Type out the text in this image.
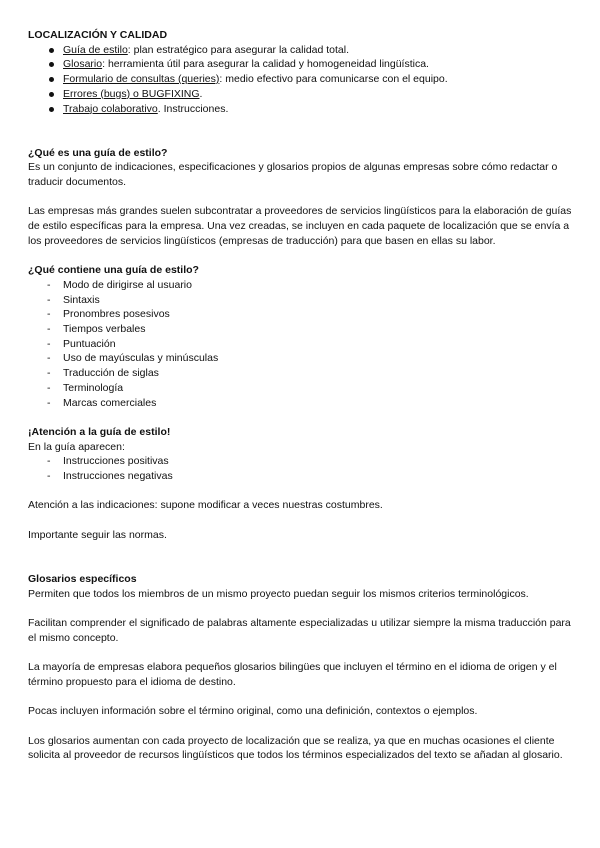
LOCALIZACIÓN Y CALIDAD

Guía de estilo: plan estratégico para asegurar la calidad total.
Glosario: herramienta útil para asegurar la calidad y homogeneidad lingüística.
Formulario de consultas (queries): medio efectivo para comunicarse con el equipo.
Errores (bugs) o BUGFIXING.
Trabajo colaborativo. Instrucciones.

¿Qué es una guía de estilo?

Es un conjunto de indicaciones, especificaciones y glosarios propios de algunas empresas sobre cómo redactar o traducir documentos.

Las empresas más grandes suelen subcontratar a proveedores de servicios lingüísticos para la elaboración de guías de estilo específicas para la empresa. Una vez creadas, se incluyen en cada paquete de localización que se envía a los proveedores de servicios lingüísticos (empresas de traducción) para que basen en ellas su labor.

¿Qué contiene una guía de estilo?

- Modo de dirigirse al usuario
- Sintaxis
- Pronombres posesivos
- Tiempos verbales
- Puntuación
- Uso de mayúsculas y minúsculas
- Traducción de siglas
- Terminología
- Marcas comerciales

¡Atención a la guía de estilo!

En la guía aparecen:

- Instrucciones positivas
- Instrucciones negativas

Atención a las indicaciones: supone modificar a veces nuestras costumbres.

Importante seguir las normas.

Glosarios específicos

Permiten que todos los miembros de un mismo proyecto puedan seguir los mismos criterios terminológicos.

Facilitan comprender el significado de palabras altamente especializadas u utilizar siempre la misma traducción para el mismo concepto.

La mayoría de empresas elabora pequeños glosarios bilingües que incluyen el término en el idioma de origen y el término propuesto para el idioma de destino.

Pocas incluyen información sobre el término original, como una definición, contextos o ejemplos.

Los glosarios aumentan con cada proyecto de localización que se realiza, ya que en muchas ocasiones el cliente solicita al proveedor de recursos lingüísticos que todos los términos especializados del texto se añadan al glosario.
